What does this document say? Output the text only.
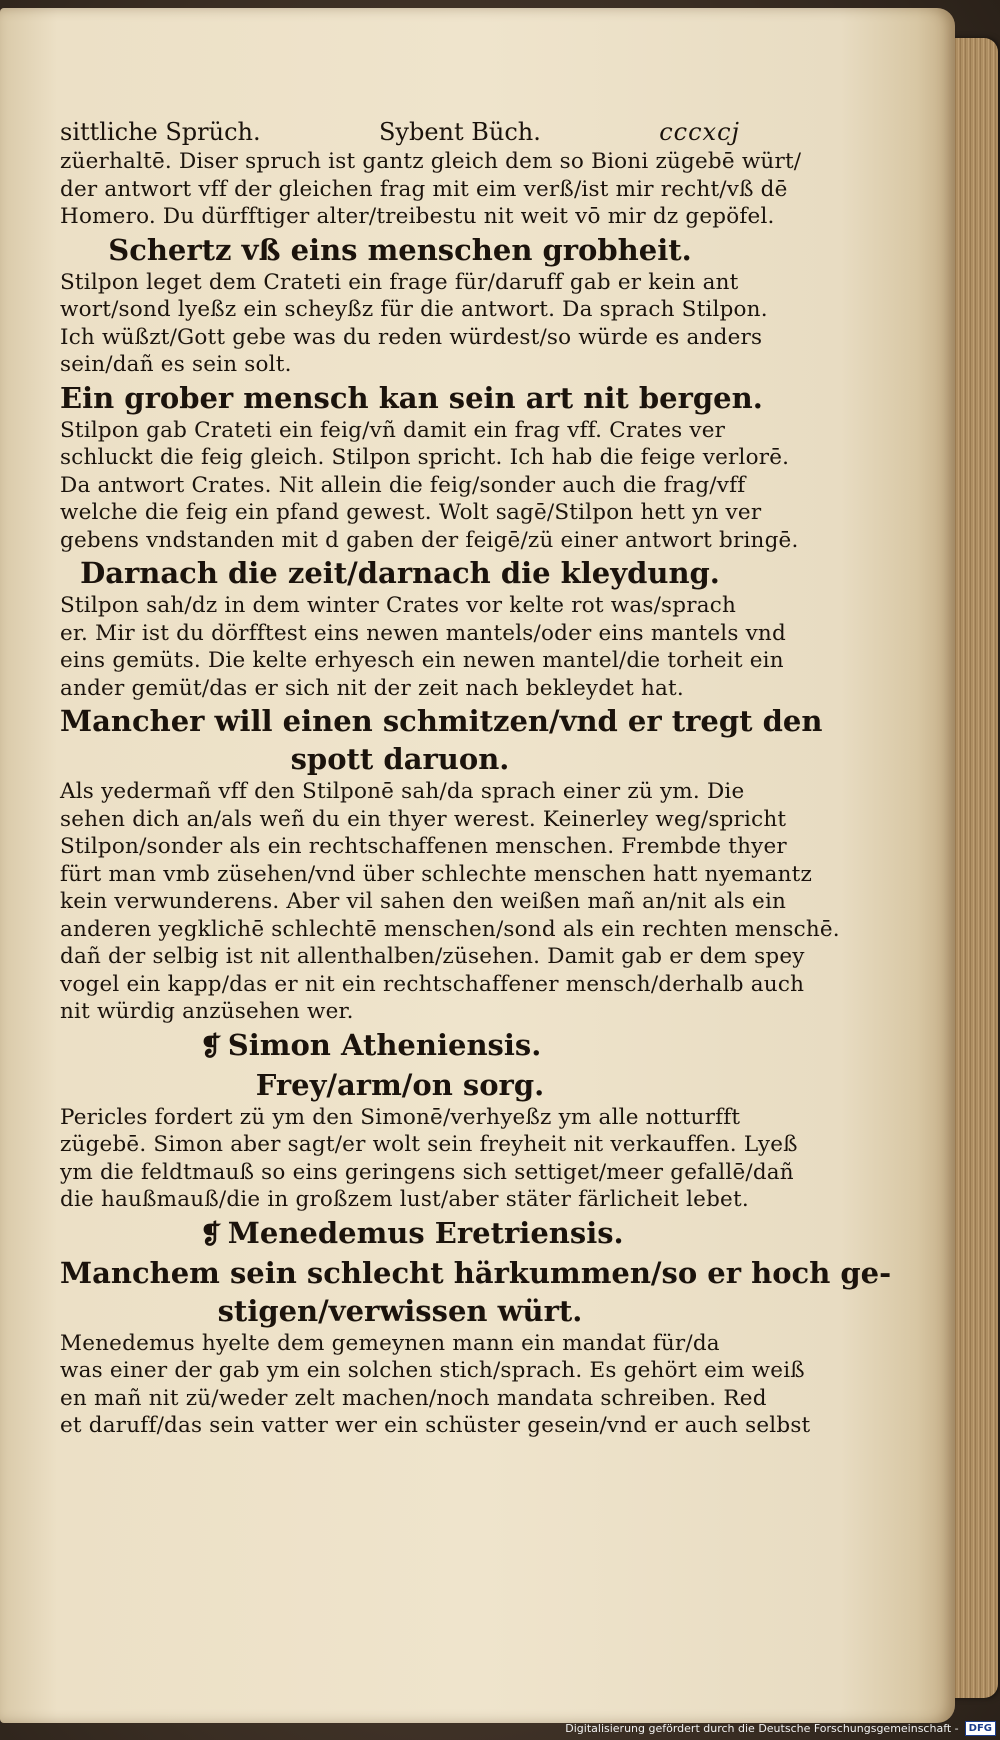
sittliche Sprüch.	Sybent Büch.	cccxcj
züerhaltē. Diser spruch ist gantz gleich dem so Bioni zügebē würt/
der antwort vff der gleichen frag mit eim verß/ist mir recht/vß dē
Homero. Du dürfftiger alter/treibestu nit weit vō mir dz gepöfel.
Schertz vß eins menschen grobheit.
Stilpon leget dem Crateti ein frage für/daruff gab er kein ant
wort/sond lyeßz ein scheyßz für die antwort. Da sprach Stilpon.
Ich wüßzt/Gott gebe was du reden würdest/so würde es anders
sein/dañ es sein solt.
Ein grober mensch kan sein art nit bergen.
Stilpon gab Crateti ein feig/vñ damit ein frag vff. Crates ver
schluckt die feig gleich. Stilpon spricht. Ich hab die feige verlorē.
Da antwort Crates. Nit allein die feig/sonder auch die frag/vff
welche die feig ein pfand gewest. Wolt sagē/Stilpon hett yn ver
gebens vndstanden mit d gaben der feigē/zü einer antwort bringē.
Darnach die zeit/darnach die kleydung.
Stilpon sah/dz in dem winter Crates vor kelte rot was/sprach
er. Mir ist du dörfftest eins newen mantels/oder eins mantels vnd
eins gemüts. Die kelte erhyesch ein newen mantel/die torheit ein
ander gemüt/das er sich nit der zeit nach bekleydet hat.
Mancher will einen schmitzen/vnd er tregt den
spott daruon.
Als yedermañ vff den Stilponē sah/da sprach einer zü ym. Die
sehen dich an/als weñ du ein thyer werest. Keinerley weg/spricht
Stilpon/sonder als ein rechtschaffenen menschen. Frembde thyer
fürt man vmb züsehen/vnd über schlechte menschen hatt nyemantz
kein verwunderens. Aber vil sahen den weißen mañ an/nit als ein
anderen yegklichē schlechtē menschen/sond als ein rechten menschē.
dañ der selbig ist nit allenthalben/züsehen. Damit gab er dem spey
vogel ein kapp/das er nit ein rechtschaffener mensch/derhalb auch
nit würdig anzüsehen wer.
❡ Simon Atheniensis.
Frey/arm/on sorg.
Pericles fordert zü ym den Simonē/verhyeßz ym alle notturfft
zügebē. Simon aber sagt/er wolt sein freyheit nit verkauffen. Lyeß
ym die feldtmauß so eins geringens sich settiget/meer gefallē/dañ
die haußmauß/die in großzem lust/aber stäter färlicheit lebet.
❡ Menedemus Eretriensis.
Manchem sein schlecht härkummen/so er hoch ge-
stigen/verwissen würt.
Menedemus hyelte dem gemeynen mann ein mandat für/da
was einer der gab ym ein solchen stich/sprach. Es gehört eim weiß
en mañ nit zü/weder zelt machen/noch mandata schreiben. Red
et daruff/das sein vatter wer ein schüster gesein/vnd er auch selbst
Digitalisierung gefördert durch die Deutsche Forschungsgemeinschaft -	DFG
